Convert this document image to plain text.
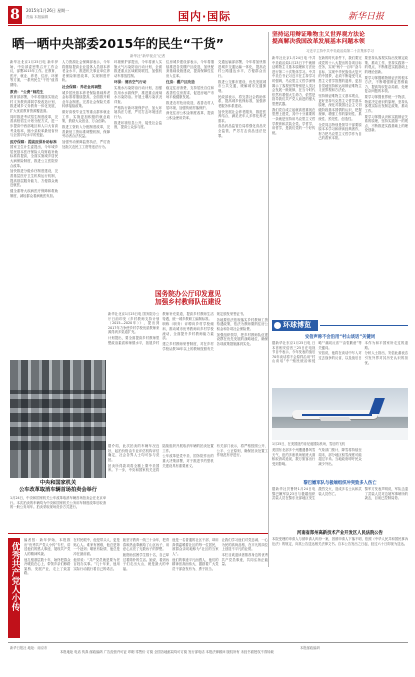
8	2015年1月26日 星期一
责编 本版编辑	国内·国际	新华日报
晒一晒中央部委2015年的民生“干货”
新华社“新华视点”记者

新华社北京1月25日电 新年伊始，中央部委密集召开工作会议，部署2015年工作。在教育、医疗、就业、养老、住房、环保等方面，一系列民生“干货”值得期待。

教育：“公费”师范生

教育部部署，今年将继续实施农村义务教育薄弱学校改造计划，推进城乡义务教育一体化发展，扩大优质教育资源覆盖面。

同时推进考试招生制度改革，完善高校招生计划分配方式，进一步提高中西部地区和人口大省高考录取率，缩小录取率最低省份与全国平均水平的差距。

医疗保障：提高医保补助标准

国家卫生计生委提出，今年城乡居民基本医疗保险人均财政补助标准将提高，全面实施城乡居民大病保险制度，推进公立医院综合改革。

加快推进分级诊疗制度建设，完善基层医疗卫生机构运行机制，提高基层服务能力，方便群众就近就医。

健全重特大疾病医疗保障和救助制度，减轻群众看病就医负担。

人力资源社会保障部表示，今年将继续提高企业退休人员基本养老金水平，推进机关事业单位养老保险制度改革，实现制度并轨。

社会保障：养老金再调整

城乡居民基本养老保险基础养老金标准将继续提高，全面推开职业年金制度。完善社会保险关系转移接续政策。

做好高校毕业生等重点群体就业工作，实施更加积极的就业政策，鼓励大众创业、万众创新。

推进工资收入分配制度改革，完善最低工资标准调整机制，保障劳动者合法权益。

加强劳动保障监察执法，严厉查处拖欠农民工工资等违法行为。

环境保护部提出，今年将深入实施大气污染防治行动计划，全面推进重点区域联防联控，加强机动车排放控制。

环保：清洁空气行动

实施水污染防治行动计划，加强饮用水水源保护，推进重点流域水污染防治。开展土壤污染状况详查。

严格执行新环境保护法，加大环境执法力度，严厉打击环境违法行为。

推进环境信息公开，接受社会监督，提高公众参与度。

住房城乡建设部表示，今年将继续推进各类棚户区改造，加快配套基础设施建设，提高保障性住房入住率。

住房：棚户区改造

稳定住房消费，支持居民自住和改善性住房需求，促进房地产市场平稳健康发展。

推进农村危房改造，改善农村人居环境，加强传统村落保护。

深化住房公积金制度改革，提高公积金使用效率。

交通运输部部署，今年将加快推进城乡交通运输一体化，提高农村公路通达水平，方便群众出行。

推进公交都市建设，优先发展城市公共交通，缓解城市交通拥堵。

民政部表示，将完善社会救助体系，提高城乡低保标准，加强养老服务体系建设。

加快发展社会养老服务，推进医养结合，满足老年人多样化养老需求。

食品药品监管总局将强化食品安全监管，严厉打击食品违法犯罪。

坚持运用辩证唯物主义世界观方法论
提高解决我国改革发展基本问题本领
习近平主持中共中央政治局第二十次集体学习

新华社北京1月24日电 中共中央政治局1月23日下午就辩证唯物主义基本原理和方法论进行第二十次集体学习。中共中央总书记习近平在主持学习时强调，马克思主义哲学深刻揭示了客观世界特别是人类社会发展一般规律，在当今时代依然有着强大生命力，依然是指导我们共产党人前进的强大思想武器。

我们党自成立起就高度重视在思想上建党，其中十分重要的一条就是坚持用马克思主义哲学教育和武装全党。学哲学、用哲学，是我们党的一个好传统。

在新的时代条件下，我们要完成党的十八大提出的各项目标任务，实现“两个一百年”奋斗目标、实现中华民族伟大复兴的中国梦，必须不断接受马克思主义哲学智慧的滋养，更加自觉地坚持和运用辩证唯物主义世界观和方法论。

坚持辩证唯物主义基本观点，更好坚持马克思主义哲学基本原理，深化对我国社会主义初级阶段基本国情的认识，把握规律，增强工作的原则性、系统性、预见性、创造性。

全党同志特别是领导干部要原原本本学习和研读经典著作，努力把马克思主义哲学作为自己的看家本领。

要坚持从客观实际出发制定政策、推动工作，坚持实践第一的观点，不断推进实践基础上的理论创新。

要学习掌握唯物辩证法的根本方法，不断增强辩证思维能力，提高驾驭复杂局面、处理复杂问题的本领。

要学习掌握世界统一于物质、物质决定意识的原理，坚持从客观实际出发制定政策、推动工作。

要学习掌握认识和实践辩证关系的原理，坚持实践第一的观点，不断推进实践基础上的理论创新。

环球博览
安倍声称不会沿用“村山谈话”关键词

据新华社东京1月25日电 日本首相安倍晋三25日在电视节目中表示，今年发表的战后70年谈话将不会原样沿用“村山谈话”中“殖民统治和侵略”“痛切反省”“由衷歉意”等关键词。

安倍说，他将在谈话中写入对过去战争的反省，以及战后日本作为和平国家所走过的道路。

分析人士指出，安倍此番表态引发外界对其历史认识的担忧。

1月25日，在美国纽约肯尼迪国际机场，雪后的飞机

美国东北部多个州遭遇暴风雪天气，纽约多座机场航班大面积取消或延误，数万旅客出行受到影响。

气象部门预计，降雪将持续至周末，部分地区积雪深度可能超过半米。当地政府呼吁民众减少外出。

黎巴嫩军队与极端组织冲突致多人伤亡

据新华社贝鲁特1月24日电 黎巴嫩军队23日与极端组织武装人员在黎东北部地区发生激烈交火，造成多名士兵和武装人员伤亡。

黎军方发表声明说，军队击退了武装人员对边境军事哨所的袭击，目前已控制局势。

河南省郑州高新技术产业开发区人民法院公告

本院受理的申请人与被申请人纠纷一案，因被申请人下落不明，依照《中华人民共和国民事诉讼法》的规定，向其公告送达相关法律文书。自本公告发出之日起，经过六十日即视为送达。

国务院办公厅印发意见
加强乡村教师队伍建设

新华社北京1月25日电 国务院办公厅日前印发《乡村教师支持计划（2015—2020年）》，提出到2017年力争使乡村学校优质教师来源得到多渠道扩充。

计划提出，要全面提高乡村教师思想政治素质和师德水平，拓展乡村教师补充渠道，提高乡村教师生活待遇，统一城乡教职工编制标准。

职称（职务）评聘向乡村学校倾斜，推动城市优秀教师向乡村学校流动，全面提升乡村教师能力素质。

建立乡村教师荣誉制度，对在乡村学校从教30年以上的教师按照有关规定颁发荣誉证书。

各地要依法依规落实乡村教师工资待遇政策，依法为教师缴纳住房公积金和各项社会保险费。

加强组织领导，把乡村教师队伍建设摆在优先发展的战略地位，确保各项政策措施落到实处。

中央和国家机关
公车改革取消车辆首场拍卖会举行

1月24日，中央和国家机关公车改革取消车辆首场拍卖会在北京举行。本次拍卖的车辆均为中央和国家机关公务用车制度改革后取消的一般公务用车。拍卖采取现场竞价方式进行。

据介绍，此次拍卖的车辆车况良好，起拍价格由专业评估机构评估确定，社会各界人士均可参与竞拍。

拍卖所得款项将全额上缴中央国库。下一步，中央和国家机关还将陆续组织开展取消车辆的拍卖处置工作。

公车改革是党中央、国务院作出的重大决策部署，对于推进节约型机关建设具有重要意义。

有关部门表示，将严格按照公开、公平、公正原则，确保拍卖处置工作规范有序进行。

优秀共产党人小传

编者按：新年伊始，本报推出“优秀共产党人小传”专栏，讲述他们的感人事迹，展现共产党人的精神风貌。

他扎根基层数十年，始终把群众冷暖放在心上，带领乡亲们修路架桥、发展产业，走上了致富路。

在村民眼中，他是带头人，更是贴心人。谁家有困难，他总是第一个赶到；哪里有险情，他总是冲在最前面。

他常说：“共产党员就是要为老百姓办实事。”几十年来，他用实际行动践行着自己的诺言。

她坚守教育一线三十余年，把青春和热血奉献给了山区孩子，用爱心点亮了无数孩子的梦想。

她资助贫困学生数十名，自己却过着简朴的生活。她说，看到孩子们走出大山，就是最大的幸福。

他是一名普通的社区干部，却用真情温暖着社区的每一位居民，被群众亲切地称为“社区的当家人”。

他们的事迹平凡而感人，他们的精神崇高而伟大，激励着广大党员干部奋发有为、勇于担当。

让我们学习他们对党忠诚、一心为民的高尚品格，在平凡的岗位上创造不平凡的业绩。

本栏目欢迎读者推荐身边的优秀共产党员事迹，共同弘扬正能量。

新华日报社 地址：南京市	本报邮政编码
本报地址 电话 传真 邮政编码 广告经营许可证 印刷 零售价 订阅 全国各地邮局均可订阅 发行部电话 本报法律顾问 版权所有 未经书面授权不得转载
